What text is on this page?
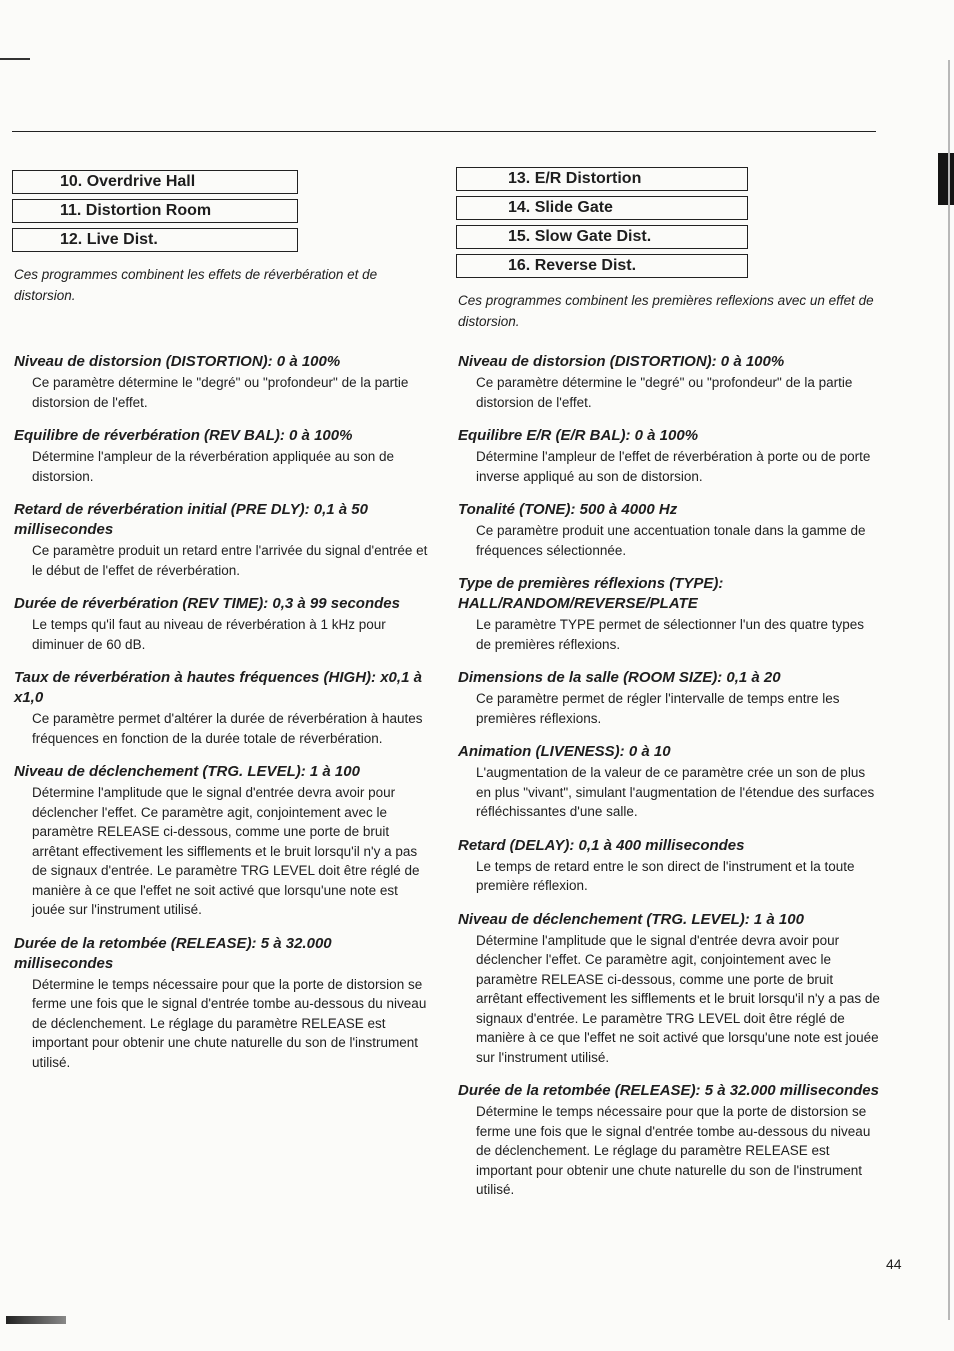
10. Overdrive Hall
11. Distortion Room
12. Live Dist.
Ces programmes combinent les effets de réverbération et de distorsion.
Niveau de distorsion (DISTORTION): 0 à 100%
Ce paramètre détermine le "degré" ou "profondeur" de la partie distorsion de l'effet.
Equilibre de réverbération (REV BAL): 0 à 100%
Détermine l'ampleur de la réverbération appliquée au son de distorsion.
Retard de réverbération initial (PRE DLY): 0,1 à 50 millisecondes
Ce paramètre produit un retard entre l'arrivée du signal d'entrée et le début de l'effet de réverbération.
Durée de réverbération (REV TIME): 0,3 à 99 secondes
Le temps qu'il faut au niveau de réverbération à 1 kHz pour diminuer de 60 dB.
Taux de réverbération à hautes fréquences (HIGH): x0,1 à x1,0
Ce paramètre permet d'altérer la durée de réverbération à hautes fréquences en fonction de la durée totale de réverbération.
Niveau de déclenchement (TRG. LEVEL): 1 à 100
Détermine l'amplitude que le signal d'entrée devra avoir pour déclencher l'effet. Ce paramètre agit, conjointement avec le paramètre RELEASE ci-dessous, comme une porte de bruit arrêtant effectivement les sifflements et le bruit lorsqu'il n'y a pas de signaux d'entrée. Le paramètre TRG LEVEL doit être réglé de manière à ce que l'effet ne soit activé que lorsqu'une note est jouée sur l'instrument utilisé.
Durée de la retombée (RELEASE): 5 à 32.000 millisecondes
Détermine le temps nécessaire pour que la porte de distorsion se ferme une fois que le signal d'entrée tombe au-dessous du niveau de déclenchement. Le réglage du paramètre RELEASE est important pour obtenir une chute naturelle du son de l'instrument utilisé.
13. E/R Distortion
14. Slide Gate
15. Slow Gate Dist.
16. Reverse Dist.
Ces programmes combinent les premières reflexions avec un effet de distorsion.
Niveau de distorsion (DISTORTION): 0 à 100%
Ce paramètre détermine le "degré" ou "profondeur" de la partie distorsion de l'effet.
Equilibre E/R (E/R BAL): 0 à 100%
Détermine l'ampleur de l'effet de réverbération à porte ou de porte inverse appliqué au son de distorsion.
Tonalité (TONE): 500 à 4000 Hz
Ce paramètre produit une accentuation tonale dans la gamme de fréquences sélectionnée.
Type de premières réflexions (TYPE): HALL/RANDOM/REVERSE/PLATE
Le paramètre TYPE permet de sélectionner l'un des quatre types de premières réflexions.
Dimensions de la salle (ROOM SIZE): 0,1 à 20
Ce paramètre permet de régler l'intervalle de temps entre les premières réflexions.
Animation (LIVENESS): 0 à 10
L'augmentation de la valeur de ce paramètre crée un son de plus en plus "vivant", simulant l'augmentation de l'étendue des surfaces réfléchissantes d'une salle.
Retard (DELAY): 0,1 à 400 millisecondes
Le temps de retard entre le son direct de l'instrument et la toute première réflexion.
Niveau de déclenchement (TRG. LEVEL): 1 à 100
Détermine l'amplitude que le signal d'entrée devra avoir pour déclencher l'effet. Ce paramètre agit, conjointement avec le paramètre RELEASE ci-dessous, comme une porte de bruit arrêtant effectivement les sifflements et le bruit lorsqu'il n'y a pas de signaux d'entrée. Le paramètre TRG LEVEL doit être réglé de manière à ce que l'effet ne soit activé que lorsqu'une note est jouée sur l'instrument utilisé.
Durée de la retombée (RELEASE): 5 à 32.000 millisecondes
Détermine le temps nécessaire pour que la porte de distorsion se ferme une fois que le signal d'entrée tombe au-dessous du niveau de déclenchement. Le réglage du paramètre RELEASE est important pour obtenir une chute naturelle du son de l'instrument utilisé.
44
